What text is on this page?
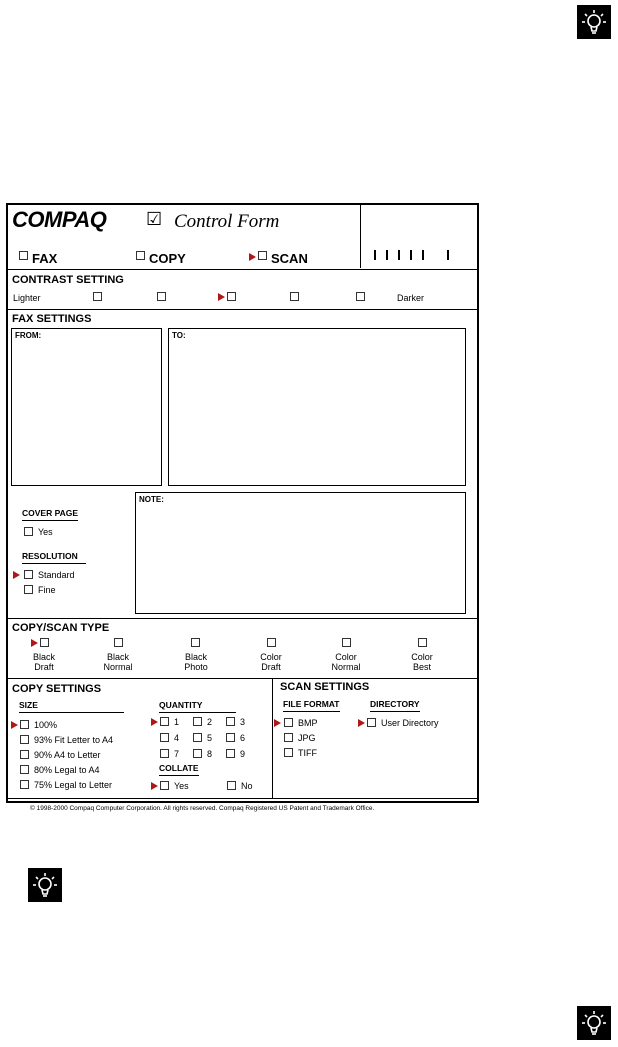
COMPAQ ☑ Control Form
FAX	COPY	SCAN
CONTRAST SETTING
Lighter	Darker
FAX SETTINGS
FROM:	TO:
NOTE:
COVER PAGE
Yes
RESOLUTION
Standard
Fine
COPY/SCAN TYPE
Black
Draft
Black
Normal
Black
Photo
Color
Draft
Color
Normal
Color
Best
COPY SETTINGS
SIZE
100%
93% Fit Letter to A4
90% A4 to Letter
80% Legal to A4
75% Legal to Letter
QUANTITY
1	2	3
4	5	6
7	8	9
COLLATE
Yes	No
SCAN SETTINGS
FILE FORMAT
BMP
JPG
TIFF
DIRECTORY
User Directory
© 1998-2000 Compaq Computer Corporation. All rights reserved. Compaq Registered US Patent and Trademark Office.
